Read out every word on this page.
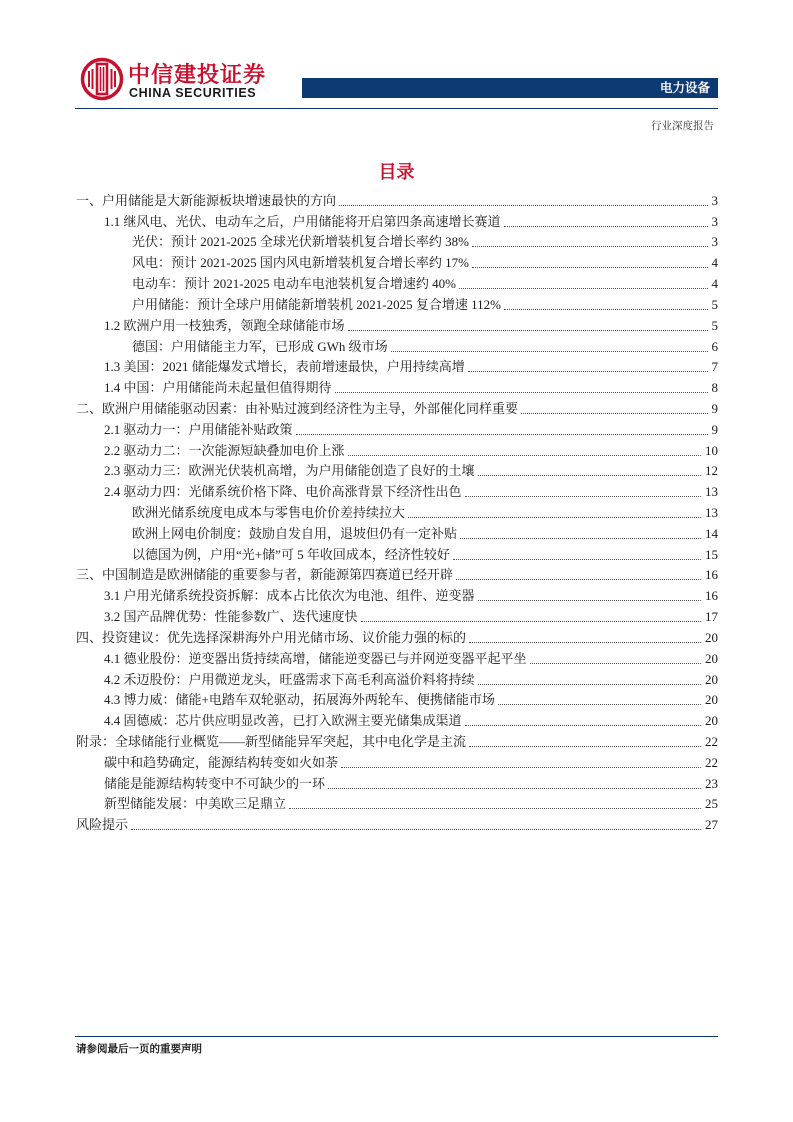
中信建投证券
CHINA SECURITIES	电力设备
行业深度报告
目录
一、户用储能是大新能源板块增速最快的方向	3
1.1 继风电、光伏、电动车之后，户用储能将开启第四条高速增长赛道	3
光伏：预计 2021-2025 全球光伏新增装机复合增长率约 38%	3
风电：预计 2021-2025 国内风电新增装机复合增长率约 17%	4
电动车：预计 2021-2025 电动车电池装机复合增速约 40%	4
户用储能：预计全球户用储能新增装机 2021-2025 复合增速 112%	5
1.2 欧洲户用一枝独秀，领跑全球储能市场	5
德国：户用储能主力军，已形成 GWh 级市场	6
1.3 美国：2021 储能爆发式增长，表前增速最快，户用持续高增	7
1.4 中国：户用储能尚未起量但值得期待	8
二、欧洲户用储能驱动因素：由补贴过渡到经济性为主导，外部催化同样重要	9
2.1 驱动力一：户用储能补贴政策	9
2.2 驱动力二：一次能源短缺叠加电价上涨	10
2.3 驱动力三：欧洲光伏装机高增，为户用储能创造了良好的土壤	12
2.4 驱动力四：光储系统价格下降、电价高涨背景下经济性出色	13
欧洲光储系统度电成本与零售电价价差持续拉大	13
欧洲上网电价制度：鼓励自发自用，退坡但仍有一定补贴	14
以德国为例，户用“光+储”可 5 年收回成本，经济性较好	15
三、中国制造是欧洲储能的重要参与者，新能源第四赛道已经开辟	16
3.1 户用光储系统投资拆解：成本占比依次为电池、组件、逆变器	16
3.2 国产品牌优势：性能参数广、迭代速度快	17
四、投资建议：优先选择深耕海外户用光储市场、议价能力强的标的	20
4.1 德业股份：逆变器出货持续高增，储能逆变器已与并网逆变器平起平坐	20
4.2 禾迈股份：户用微逆龙头，旺盛需求下高毛利高溢价料将持续	20
4.3 博力威：储能+电踏车双轮驱动，拓展海外两轮车、便携储能市场	20
4.4 固德威：芯片供应明显改善，已打入欧洲主要光储集成渠道	20
附录：全球储能行业概览——新型储能异军突起，其中电化学是主流	22
碳中和趋势确定，能源结构转变如火如荼	22
储能是能源结构转变中不可缺少的一环	23
新型储能发展：中美欧三足鼎立	25
风险提示	27
请参阅最后一页的重要声明
